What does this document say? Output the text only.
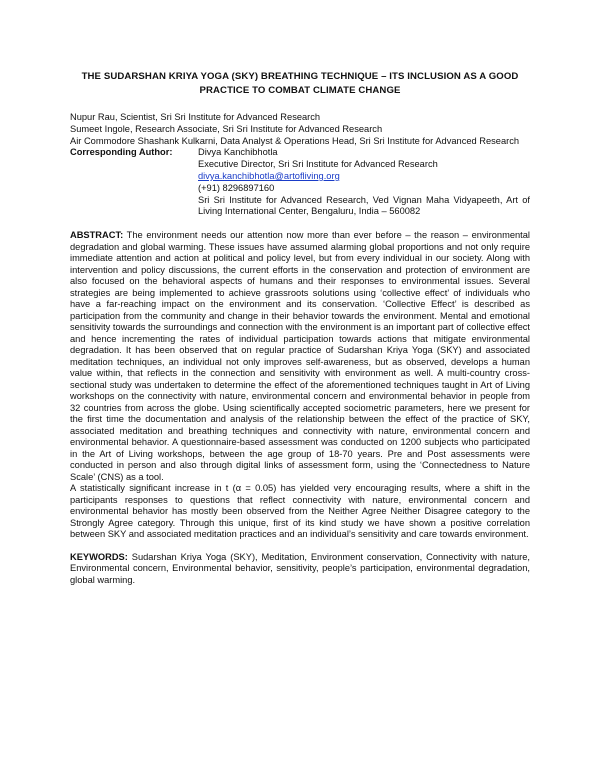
THE SUDARSHAN KRIYA YOGA (SKY) BREATHING TECHNIQUE – ITS INCLUSION AS A GOOD PRACTICE TO COMBAT CLIMATE CHANGE
Nupur Rau, Scientist, Sri Sri Institute for Advanced Research
Sumeet Ingole, Research Associate, Sri Sri Institute for Advanced Research
Air Commodore Shashank Kulkarni, Data Analyst & Operations Head, Sri Sri Institute for Advanced Research
Corresponding Author:	Divya Kanchibhotla
Executive Director, Sri Sri Institute for Advanced Research
divya.kanchibhotla@artofliving.org
(+91) 8296897160
Sri Sri Institute for Advanced Research, Ved Vignan Maha Vidyapeeth, Art of Living International Center, Bengaluru, India – 560082

ABSTRACT: The environment needs our attention now more than ever before – the reason – environmental degradation and global warming. These issues have assumed alarming global proportions and not only require immediate attention and action at political and policy level, but from every individual in our society. Along with intervention and policy discussions, the current efforts in the conservation and protection of environment are also focused on the behavioral aspects of humans and their responses to environmental issues. Several strategies are being implemented to achieve grassroots solutions using ‘collective effect’ of individuals who have a far-reaching impact on the environment and its conservation. ‘Collective Effect’ is described as participation from the community and change in their behavior towards the environment. Mental and emotional sensitivity towards the surroundings and connection with the environment is an important part of collective effect and hence incrementing the rates of individual participation towards actions that mitigate environmental degradation. It has been observed that on regular practice of Sudarshan Kriya Yoga (SKY) and associated meditation techniques, an individual not only improves self-awareness, but as observed, develops a human value within, that reflects in the connection and sensitivity with environment as well. A multi-country cross-sectional study was undertaken to determine the effect of the aforementioned techniques taught in Art of Living workshops on the connectivity with nature, environmental concern and environmental behavior in people from 32 countries from across the globe. Using scientifically accepted sociometric parameters, here we present for the first time the documentation and analysis of the relationship between the effect of the practice of SKY, associated meditation and breathing techniques and connectivity with nature, environmental concern and environmental behavior. A questionnaire-based assessment was conducted on 1200 subjects who participated in the Art of Living workshops, between the age group of 18-70 years. Pre and Post assessments were conducted in person and also through digital links of assessment form, using the ‘Connectedness to Nature Scale’ (CNS) as a tool.

A statistically significant increase in t (α = 0.05) has yielded very encouraging results, where a shift in the participants responses to questions that reflect connectivity with nature, environmental concern and environmental behavior has mostly been observed from the Neither Agree Neither Disagree category to the Strongly Agree category. Through this unique, first of its kind study we have shown a positive correlation between SKY and associated meditation practices and an individual’s sensitivity and care towards environment.

KEYWORDS: Sudarshan Kriya Yoga (SKY), Meditation, Environment conservation, Connectivity with nature, Environmental concern, Environmental behavior, sensitivity, people’s participation, environmental degradation, global warming.
